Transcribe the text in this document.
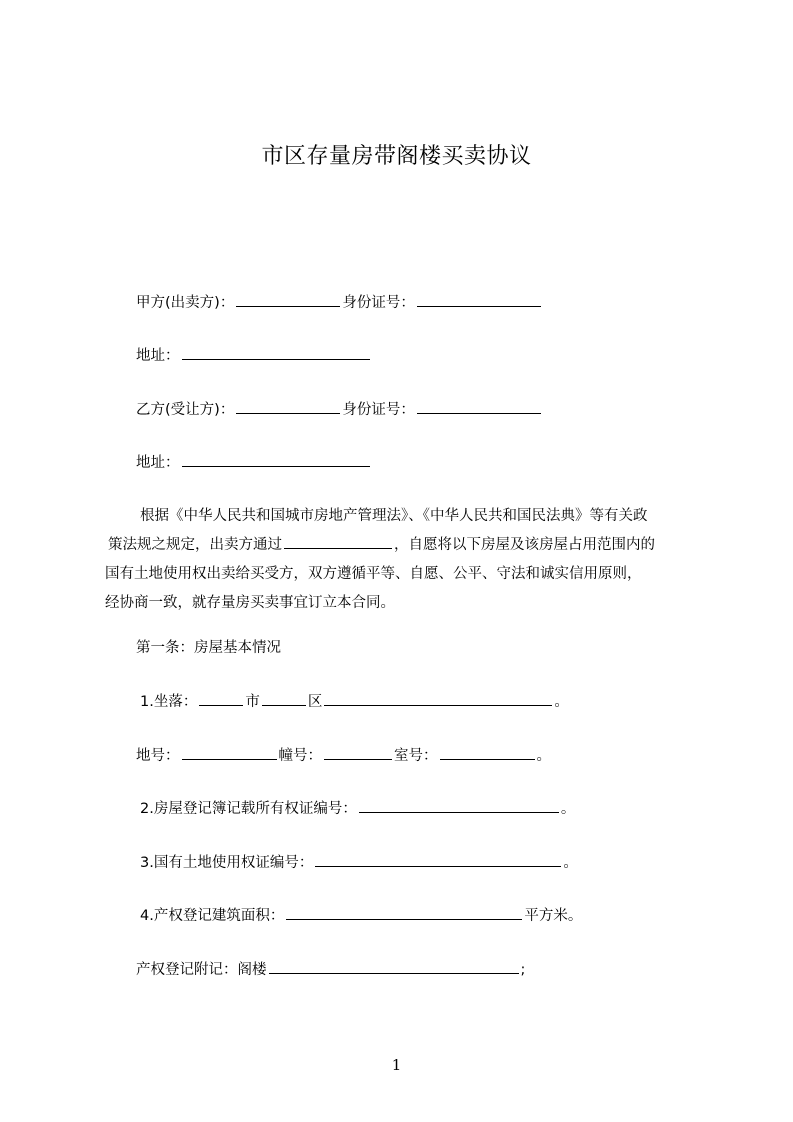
市区存量房带阁楼买卖协议
甲方(出卖方)：	身份证号：
地址：
乙方(受让方)：	身份证号：
地址：
根据《中华人民共和国城市房地产管理法》、《中华人民共和国民法典》等有关政
策法规之规定，出卖方通过	，自愿将以下房屋及该房屋占用范围内的
国有土地使用权出卖给买受方，双方遵循平等、自愿、公平、守法和诚实信用原则，
经协商一致，就存量房买卖事宜订立本合同。
第一条：房屋基本情况
1.坐落：	市	区	。
地号：	幢号：	室号：	。
2.房屋登记簿记载所有权证编号：	。
3.国有土地使用权证编号：	。
4.产权登记建筑面积：	平方米。
产权登记附记：阁楼	;
1
